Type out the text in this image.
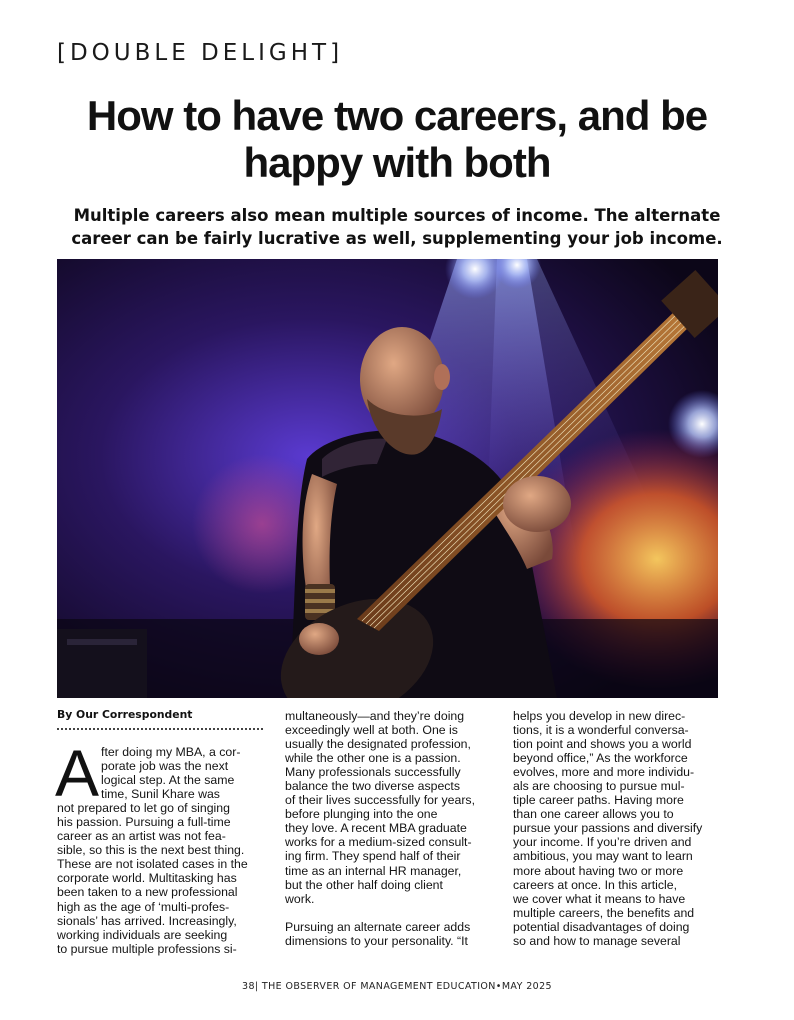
[DOUBLE DELIGHT]
How to have two careers, and be
happy with both
Multiple careers also mean multiple sources of income. The alternate
career can be fairly lucrative as well, supplementing your job income.
By Our Correspondent
A fter doing my MBA, a cor-
porate job was the next
logical step. At the same
time, Sunil Khare was
not prepared to let go of singing
his passion. Pursuing a full-time
career as an artist was not fea-
sible, so this is the next best thing.
These are not isolated cases in the
corporate world. Multitasking has
been taken to a new professional
high as the age of ‘multi-profes-
sionals’ has arrived. Increasingly,
working individuals are seeking
to pursue multiple professions si-

multaneously—and they’re doing
exceedingly well at both. One is
usually the designated profession,
while the other one is a passion.
Many professionals successfully
balance the two diverse aspects
of their lives successfully for years,
before plunging into the one
they love. A recent MBA graduate
works for a medium-sized consult-
ing firm. They spend half of their
time as an internal HR manager,
but the other half doing client
work.

Pursuing an alternate career adds
dimensions to your personality. “It

helps you develop in new direc-
tions, it is a wonderful conversa-
tion point and shows you a world
beyond office,” As the workforce
evolves, more and more individu-
als are choosing to pursue mul-
tiple career paths. Having more
than one career allows you to
pursue your passions and diversify
your income. If you’re driven and
ambitious, you may want to learn
more about having two or more
careers at once. In this article,
we cover what it means to have
multiple careers, the benefits and
potential disadvantages of doing
so and how to manage several

38| THE OBSERVER OF MANAGEMENT EDUCATION•MAY 2025
